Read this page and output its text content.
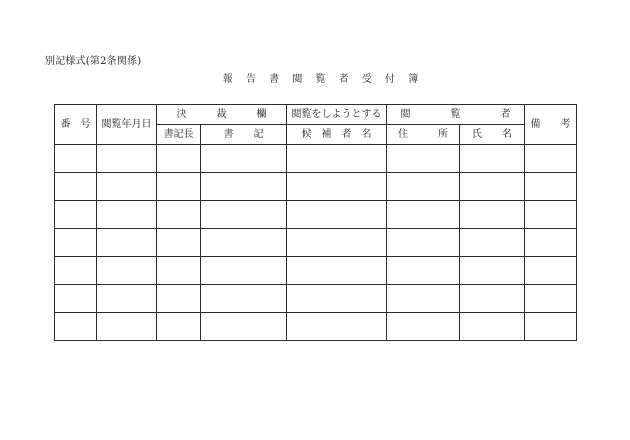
別記様式(第2条関係)
報 告 書 閲 覧 者 受 付 簿
番　号	閲覧年月日	決　　　裁　　　欄		閲覧をしようとする	閲　　　　覧　　　　者		備　　考
		書記長	書　　記	候　補　者　名	住　　　所	氏　　名	
